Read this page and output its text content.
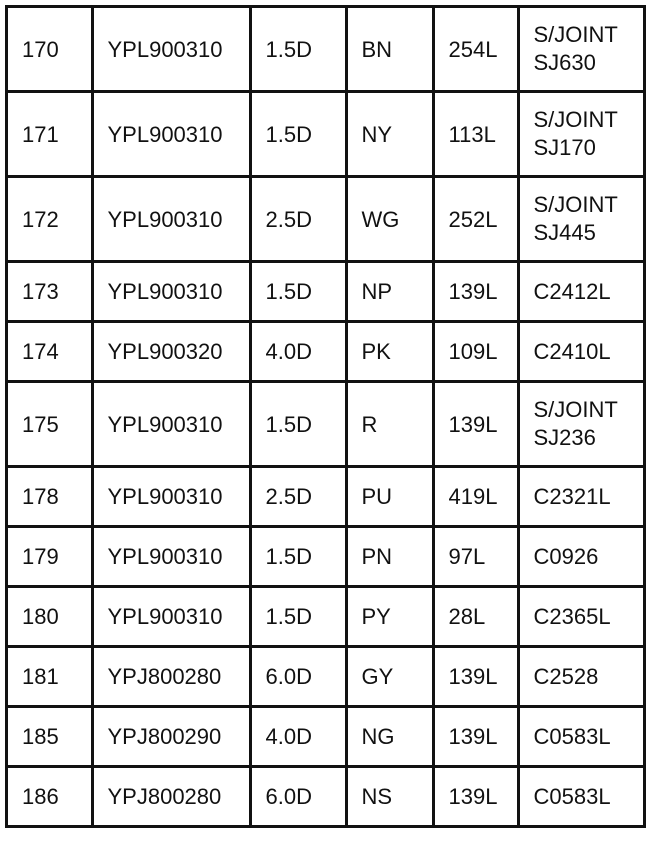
170	YPL900310	1.5D	BN	254L	S/JOINT
SJ630

171	YPL900310	1.5D	NY	113L	S/JOINT
SJ170

172	YPL900310	2.5D	WG	252L	S/JOINT
SJ445

173	YPL900310	1.5D	NP	139L	C2412L

174	YPL900320	4.0D	PK	109L	C2410L

175	YPL900310	1.5D	R	139L	S/JOINT
SJ236

178	YPL900310	2.5D	PU	419L	C2321L

179	YPL900310	1.5D	PN	97L	C0926

180	YPL900310	1.5D	PY	28L	C2365L

181	YPJ800280	6.0D	GY	139L	C2528

185	YPJ800290	4.0D	NG	139L	C0583L

186	YPJ800280	6.0D	NS	139L	C0583L
